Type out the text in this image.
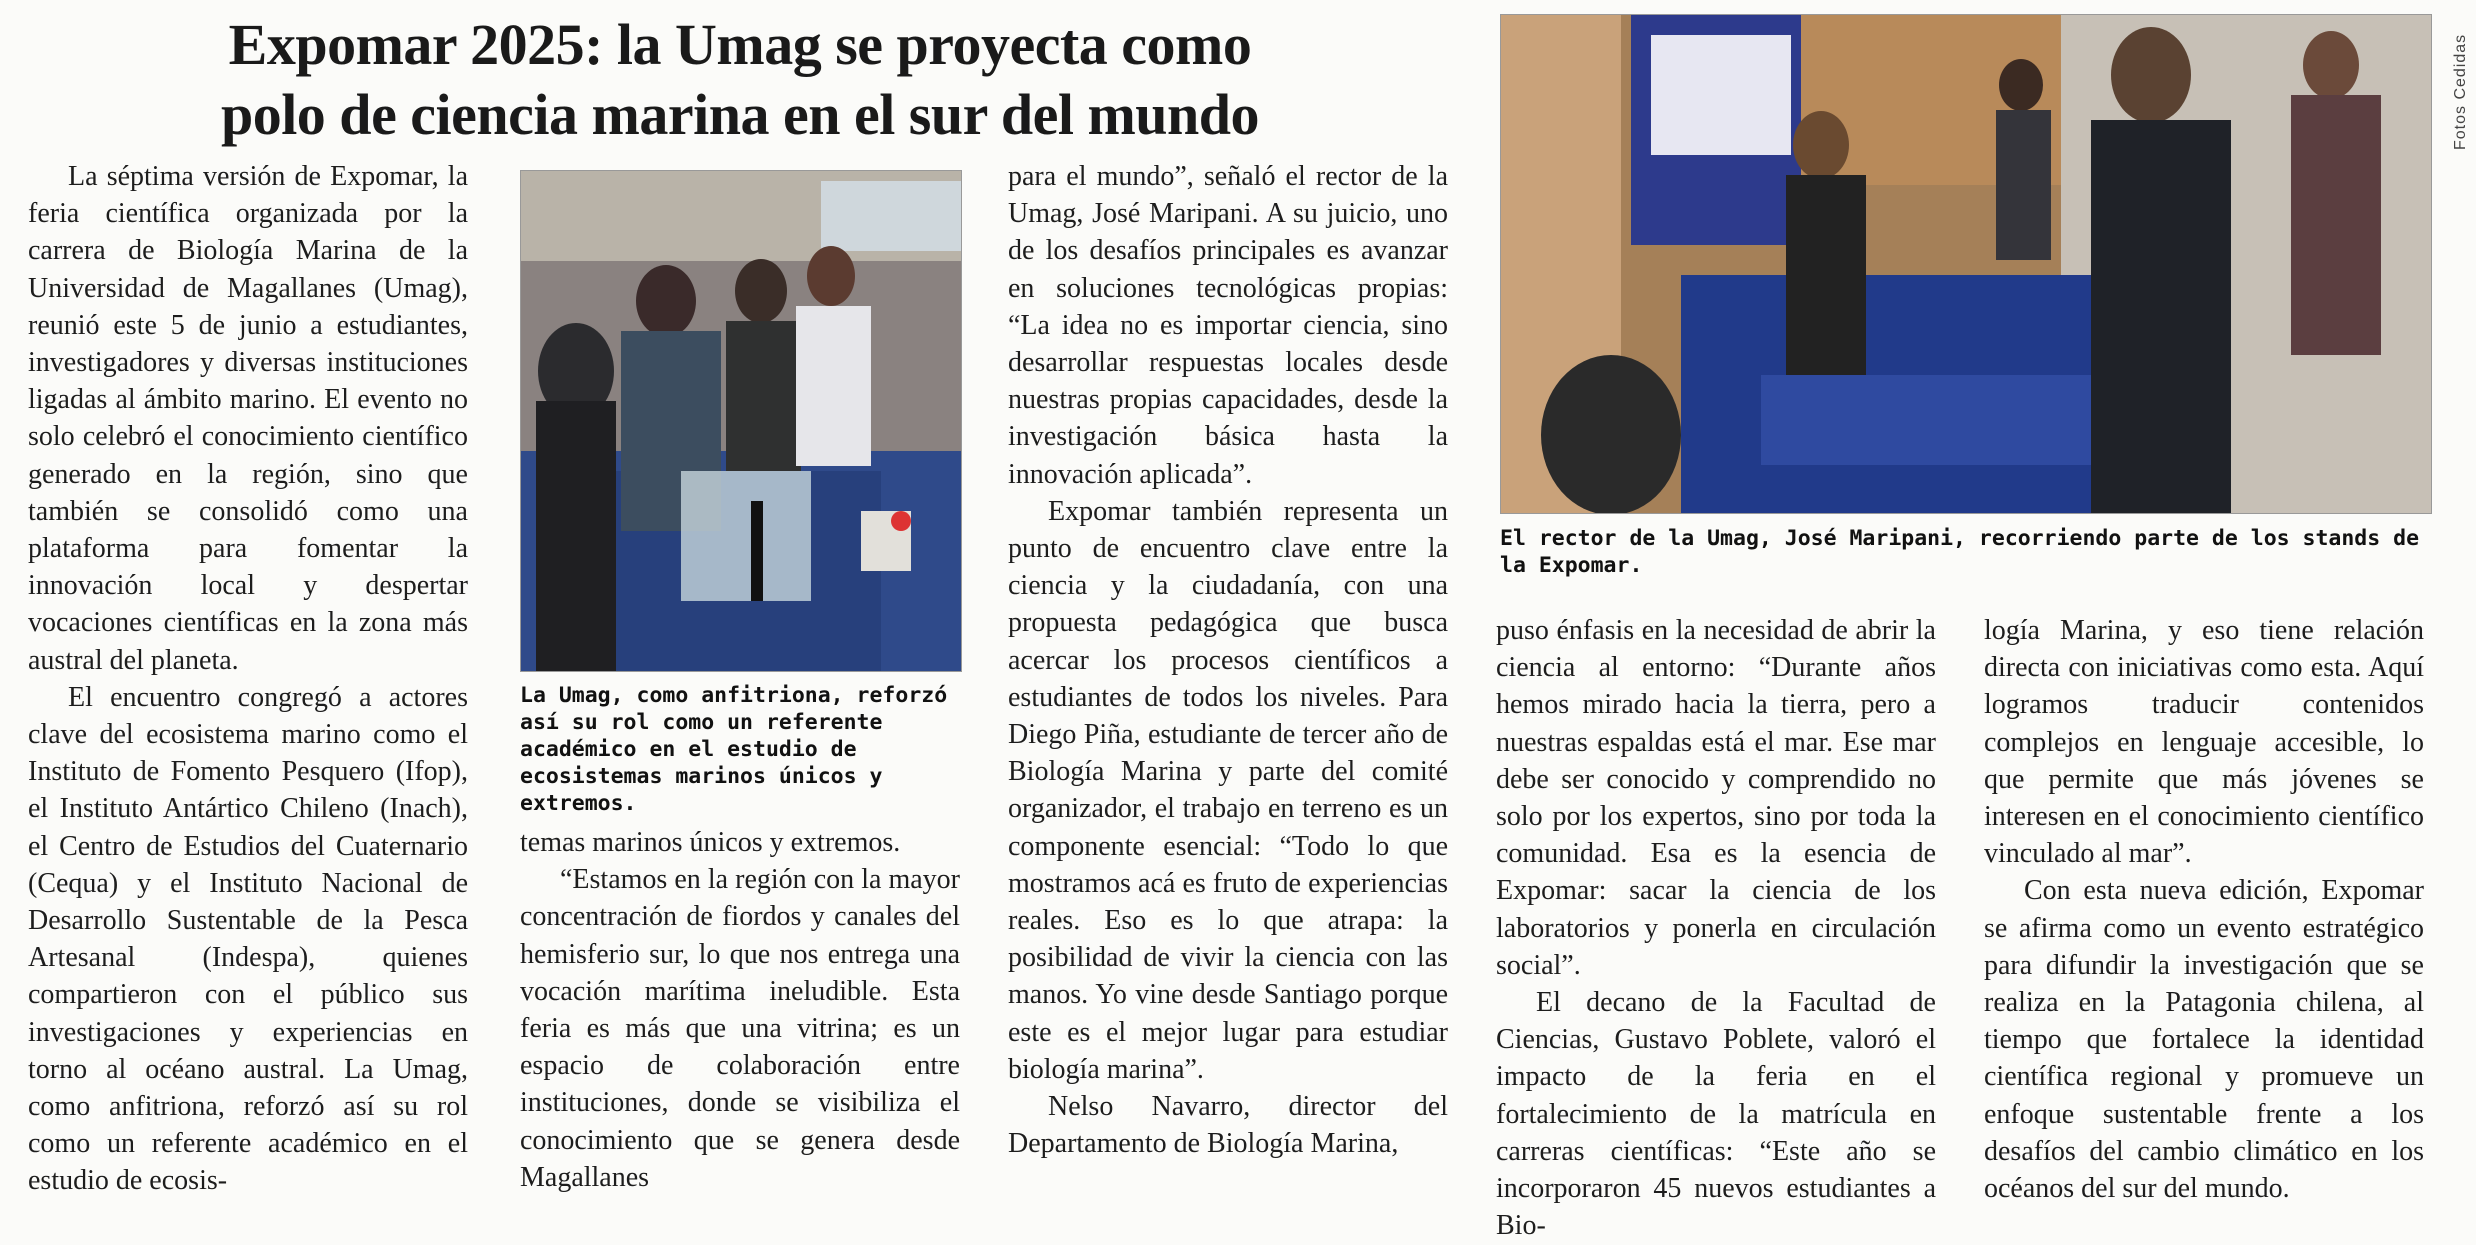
Expomar 2025: la Umag se proyecta como
polo de ciencia marina en el sur del mundo

La séptima versión de Expomar, la feria científica organizada por la carrera de Biología Marina de la Universidad de Magallanes (Umag), reunió este 5 de junio a estudiantes, investigadores y diversas instituciones ligadas al ámbito marino. El evento no solo celebró el conocimiento científico generado en la región, sino que también se consolidó como una plataforma para fomentar la innovación local y despertar vocaciones científicas en la zona más austral del planeta.

El encuentro congregó a actores clave del ecosistema marino como el Instituto de Fomento Pesquero (Ifop), el Instituto Antártico Chileno (Inach), el Centro de Estudios del Cuaternario (Cequa) y el Instituto Nacional de Desarrollo Sustentable de la Pesca Artesanal (Indespa), quienes compartieron con el público sus investigaciones y experiencias en torno al océano austral. La Umag, como anfitriona, reforzó así su rol como un referente académico en el estudio de ecosis-

La Umag, como anfitriona, reforzó así su rol como un referente académico en el estudio de ecosistemas marinos únicos y extremos.

temas marinos únicos y extremos.

“Estamos en la región con la mayor concentración de fiordos y canales del hemisferio sur, lo que nos entrega una vocación marítima ineludible. Esta feria es más que una vitrina; es un espacio de colaboración entre instituciones, donde se visibiliza el conocimiento que se genera desde Magallanes

para el mundo”, señaló el rector de la Umag, José Maripani. A su juicio, uno de los desafíos principales es avanzar en soluciones tecnológicas propias: “La idea no es importar ciencia, sino desarrollar respuestas locales desde nuestras propias capacidades, desde la investigación básica hasta la innovación aplicada”.

Expomar también representa un punto de encuentro clave entre la ciencia y la ciudadanía, con una propuesta pedagógica que busca acercar los procesos científicos a estudiantes de todos los niveles. Para Diego Piña, estudiante de tercer año de Biología Marina y parte del comité organizador, el trabajo en terreno es un componente esencial: “Todo lo que mostramos acá es fruto de experiencias reales. Eso es lo que atrapa: la posibilidad de vivir la ciencia con las manos. Yo vine desde Santiago porque este es el mejor lugar para estudiar biología marina”.

Nelso Navarro, director del Departamento de Biología Marina,

Fotos Cedidas
El rector de la Umag, José Maripani, recorriendo parte de los stands de la Expomar.

puso énfasis en la necesidad de abrir la ciencia al entorno: “Durante años hemos mirado hacia la tierra, pero a nuestras espaldas está el mar. Ese mar debe ser conocido y comprendido no solo por los expertos, sino por toda la comunidad. Esa es la esencia de Expomar: sacar la ciencia de los laboratorios y ponerla en circulación social”.

El decano de la Facultad de Ciencias, Gustavo Poblete, valoró el impacto de la feria en el fortalecimiento de la matrícula en carreras científicas: “Este año se incorporaron 45 nuevos estudiantes a Bio-

logía Marina, y eso tiene relación directa con iniciativas como esta. Aquí logramos traducir contenidos complejos en lenguaje accesible, lo que permite que más jóvenes se interesen en el conocimiento científico vinculado al mar”.

Con esta nueva edición, Expomar se afirma como un evento estratégico para difundir la investigación que se realiza en la Patagonia chilena, al tiempo que fortalece la identidad científica regional y promueve un enfoque sustentable frente a los desafíos del cambio climático en los océanos del sur del mundo.
